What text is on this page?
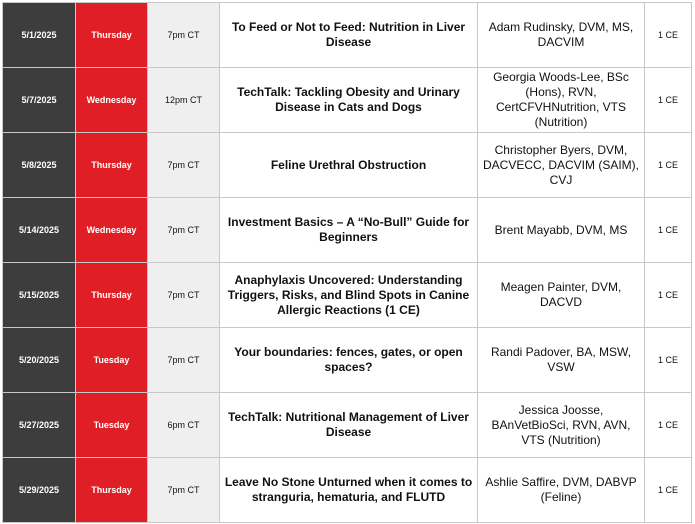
5/1/2025	Thursday	7pm CT	To Feed or Not to Feed: Nutrition in Liver Disease	Adam Rudinsky, DVM, MS, DACVIM	1 CE
5/7/2025	Wednesday	12pm CT	TechTalk: Tackling Obesity and Urinary Disease in Cats and Dogs	Georgia Woods-Lee, BSc (Hons), RVN, CertCFVHNutrition, VTS (Nutrition)	1 CE
5/8/2025	Thursday	7pm CT	Feline Urethral Obstruction	Christopher Byers, DVM, DACVECC, DACVIM (SAIM), CVJ	1 CE
5/14/2025	Wednesday	7pm CT	Investment Basics – A “No-Bull” Guide for Beginners	Brent Mayabb, DVM, MS	1 CE
5/15/2025	Thursday	7pm CT	Anaphylaxis Uncovered: Understanding Triggers, Risks, and Blind Spots in Canine Allergic Reactions (1 CE)	Meagen Painter, DVM, DACVD	1 CE
5/20/2025	Tuesday	7pm CT	Your boundaries: fences, gates, or open spaces?	Randi Padover, BA, MSW, VSW	1 CE
5/27/2025	Tuesday	6pm CT	TechTalk: Nutritional Management of Liver Disease	Jessica Joosse, BAnVetBioSci, RVN, AVN, VTS (Nutrition)	1 CE
5/29/2025	Thursday	7pm CT	Leave No Stone Unturned when it comes to stranguria, hematuria, and FLUTD	Ashlie Saffire, DVM, DABVP (Feline)	1 CE
